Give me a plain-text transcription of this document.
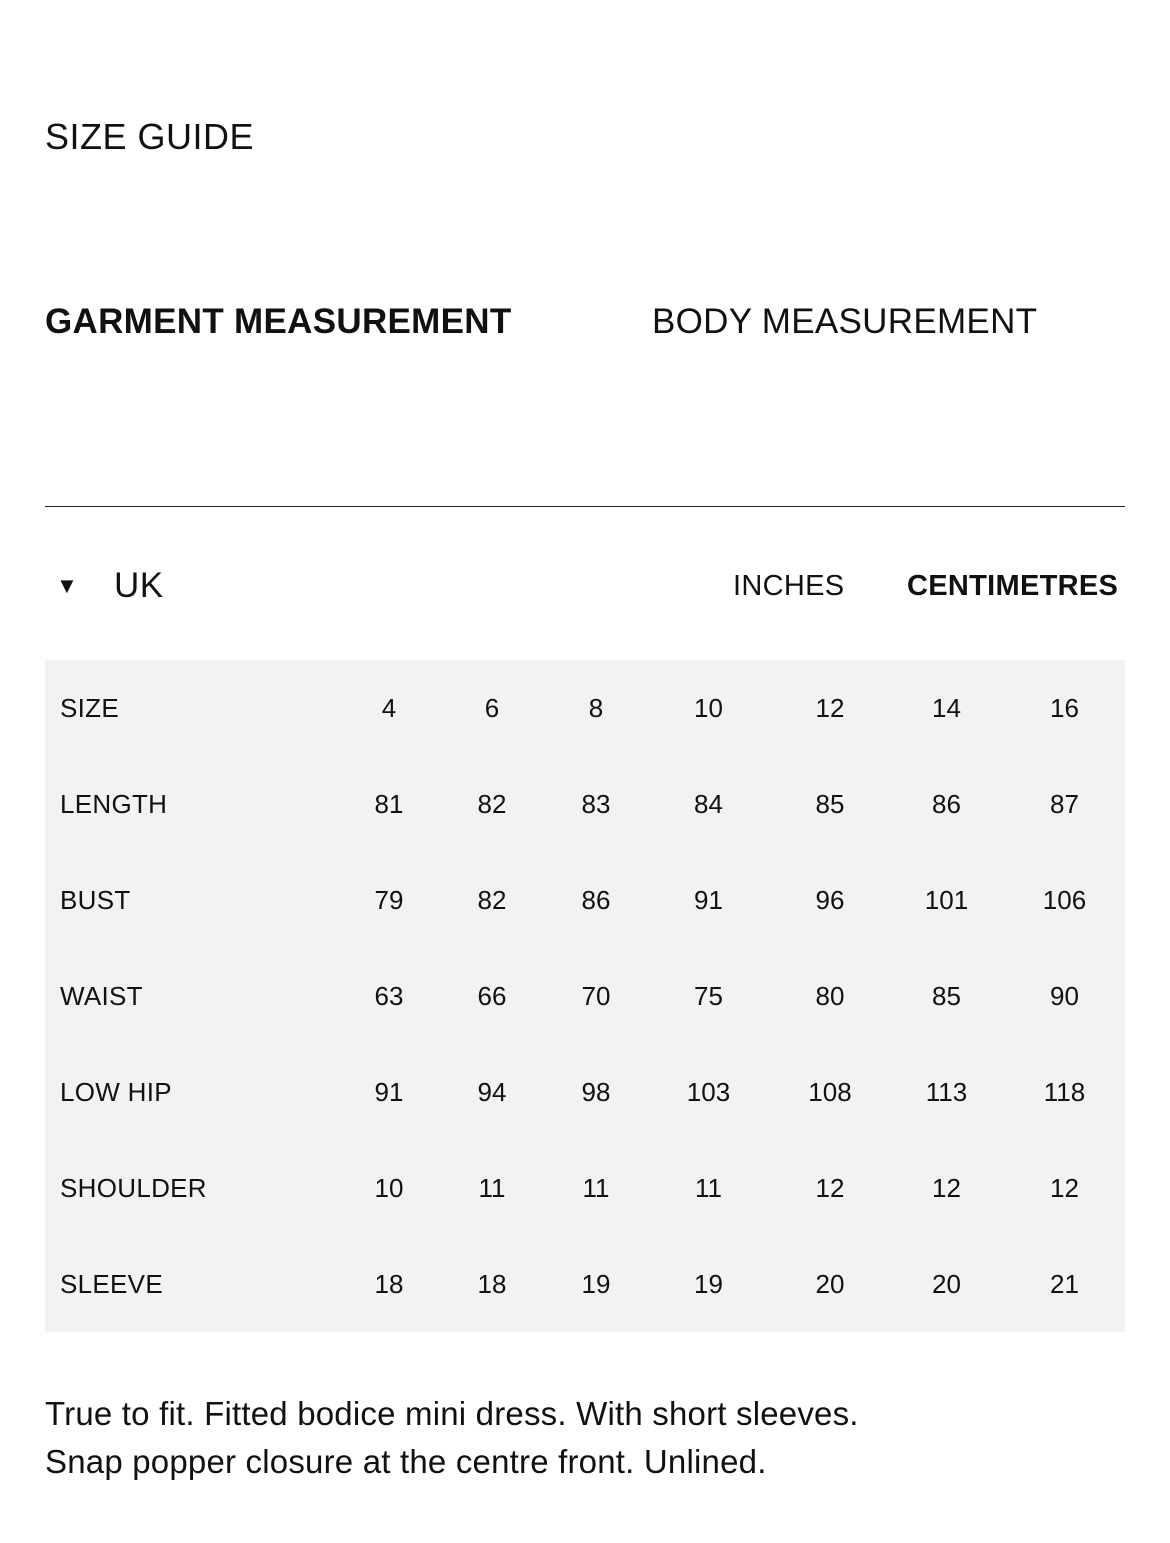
SIZE GUIDE
GARMENT MEASUREMENT	BODY MEASUREMENT
▼	UK	INCHES CENTIMETRES
SIZE	4	6	8	10	12	14	16
LENGTH	81	82	83	84	85	86	87
BUST	79	82	86	91	96	101	106
WAIST	63	66	70	75	80	85	90
LOW HIP	91	94	98	103	108	113	118
SHOULDER	10	11	11	11	12	12	12
SLEEVE	18	18	19	19	20	20	21

True to fit. Fitted bodice mini dress. With short sleeves.

Snap popper closure at the centre front. Unlined.
